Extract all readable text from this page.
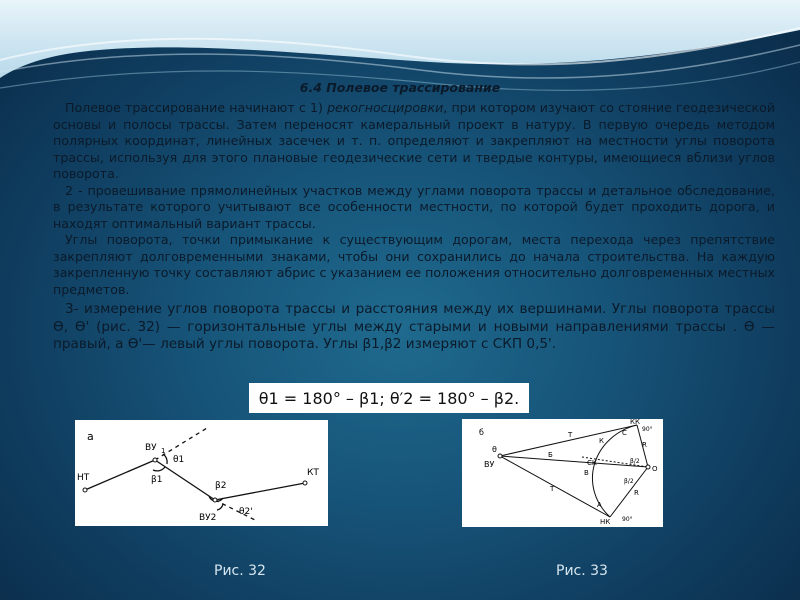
6.4 Полевое трассирование

Полевое трассирование начинают с 1) рекогносцировки, при котором изучают со стояние геодезической основы и полосы трассы. Затем переносят камеральный проект в натуру. В первую очередь методом полярных координат, линейных засечек и т. п. определяют и закрепляют на местности углы поворота трассы, используя для этого плановые геодезические сети и твердые контуры, имеющиеся вблизи углов поворота.

2 - провешивание прямолинейных участков между углами поворота трассы и детальное обследование, в результате которого учитывают все особенности местности, по которой будет проходить дорога, и находят оптимальный вариант трассы.

Углы поворота, точки примыкание к существующим дорогам, места перехода через препятствие закрепляют долговременными знаками, чтобы они сохранились до начала строительства. На каждую закрепленную точку составляют абрис с указанием ее положения относительно долговременных местных предметов.

3- измерение углов поворота трассы и расстояния между их вершинами. Углы поворота трассы Ѳ, Ѳ' (рис. 32) — горизонтальные углы между старыми и новыми направлениями трассы . Ѳ — правый, а Ѳ'— левый углы поворота. Углы β1,β2 измеряют с СКП 0,5'.

θ1 = 180° – β1; θ′2 = 180° – β2.
а
НТ
ВУ 1
θ1
β1
β2
ВУ2
θ2'
КТ
б
θ
ВУ
Т
Т
Б
К
КК
R
R
СК
В
С
А
НК
О
90°
90°
β/2
β/2
Рис. 32	Рис. 33
